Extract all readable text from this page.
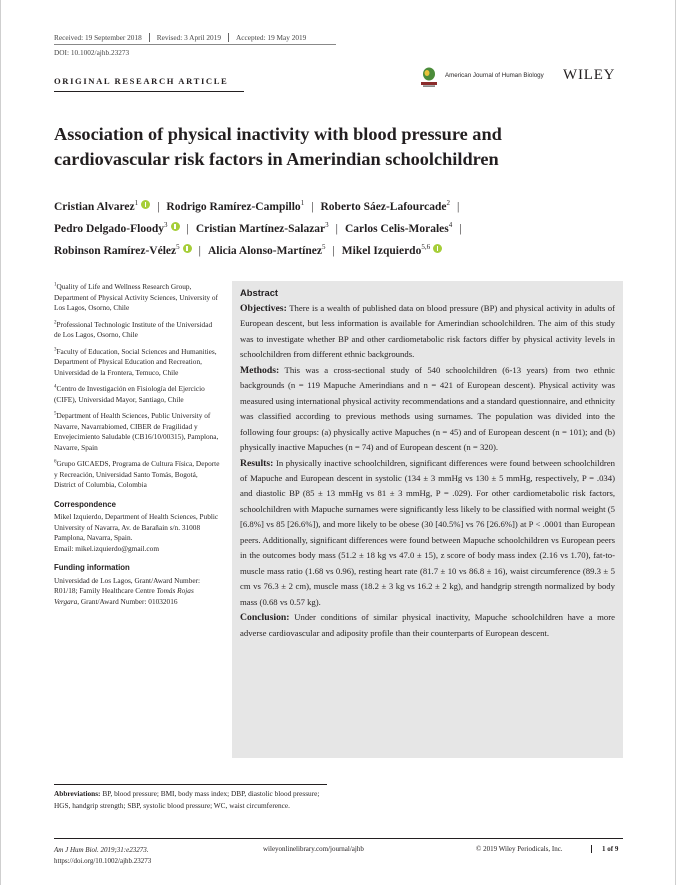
Received: 19 September 2018	Revised: 3 April 2019	Accepted: 19 May 2019
DOI: 10.1002/ajhb.23273
ORIGINAL RESEARCH ARTICLE
American Journal of Human Biology WILEY
Association of physical inactivity with blood pressure and cardiovascular risk factors in Amerindian schoolchildren
Cristian Alvarez$^1$ | Rodrigo Ramírez-Campillo$^1$ | Roberto Sáez-Lafourcade$^2$ |
Pedro Delgado-Floody$^3$ | Cristian Martínez-Salazar$^3$ | Carlos Celis-Morales$^4$ |
Robinson Ramírez-Vélez$^5$ | Alicia Alonso-Martínez$^5$ | Mikel Izquierdo$^{5,6}$
$^1$Quality of Life and Wellness Research Group, Department of Physical Activity Sciences, University of Los Lagos, Osorno, Chile
$^2$Professional Technologic Institute of the Universidad de Los Lagos, Osorno, Chile
$^3$Faculty of Education, Social Sciences and Humanities, Department of Physical Education and Recreation, Universidad de la Frontera, Temuco, Chile
$^4$Centro de Investigación en Fisiología del Ejercicio (CIFE), Universidad Mayor, Santiago, Chile
$^5$Department of Health Sciences, Public University of Navarre, Navarrabiomed, CIBER de Fragilidad y Envejecimiento Saludable (CB16/10/00315), Pamplona, Navarre, Spain
$^6$Grupo GICAEDS, Programa de Cultura Física, Deporte y Recreación, Universidad Santo Tomás, Bogotá, District of Columbia, Colombia
Correspondence
Mikel Izquierdo, Department of Health Sciences, Public University of Navarra, Av. de Barañain s/n. 31008 Pamplona, Navarra, Spain.
Email: mikel.izquierdo@gmail.com
Funding information
Universidad de Los Lagos, Grant/Award Number: R01/18; Family Healthcare Centre Tomás Rojas Vergara, Grant/Award Number: 01032016
Abstract

Objectives: There is a wealth of published data on blood pressure (BP) and physical activity in adults of European descent, but less information is available for Amerindian schoolchildren. The aim of this study was to investigate whether BP and other cardiometabolic risk factors differ by physical activity levels in schoolchildren from different ethnic backgrounds.

Methods: This was a cross-sectional study of 540 schoolchildren (6-13 years) from two ethnic backgrounds (n = 119 Mapuche Amerindians and n = 421 of European descent). Physical activity was measured using international physical activity recommendations and a standard questionnaire, and ethnicity was classified according to previous methods using surnames. The population was divided into the following four groups: (a) physically active Mapuches (n = 45) and of European descent (n = 101); and (b) physically inactive Mapuches (n = 74) and of European descent (n = 320).

Results: In physically inactive schoolchildren, significant differences were found between schoolchildren of Mapuche and European descent in systolic (134 ± 3 mmHg vs 130 ± 5 mmHg, respectively, P = .034) and diastolic BP (85 ± 13 mmHg vs 81 ± 3 mmHg, P = .029). For other cardiometabolic risk factors, schoolchildren with Mapuche surnames were significantly less likely to be classified with normal weight (5 [6.8%] vs 85 [26.6%]), and more likely to be obese (30 [40.5%] vs 76 [26.6%]) at P < .0001 than European peers. Additionally, significant differences were found between Mapuche schoolchildren vs European peers in the outcomes body mass (51.2 ± 18 kg vs 47.0 ± 15), z score of body mass index (2.16 vs 1.70), fat-to-muscle mass ratio (1.68 vs 0.96), resting heart rate (81.7 ± 10 vs 86.8 ± 16), waist circumference (89.3 ± 5 cm vs 76.3 ± 2 cm), muscle mass (18.2 ± 3 kg vs 16.2 ± 2 kg), and handgrip strength normalized by body mass (0.68 vs 0.57 kg).

Conclusion: Under conditions of similar physical inactivity, Mapuche schoolchildren have a more adverse cardiovascular and adiposity profile than their counterparts of European descent.

Abbreviations: BP, blood pressure; BMI, body mass index; DBP, diastolic blood pressure; HGS, handgrip strength; SBP, systolic blood pressure; WC, waist circumference.
Am J Hum Biol. 2019;31:e23273.
https://doi.org/10.1002/ajhb.23273
wileyonlinelibrary.com/journal/ajhb	© 2019 Wiley Periodicals, Inc.	1 of 9
